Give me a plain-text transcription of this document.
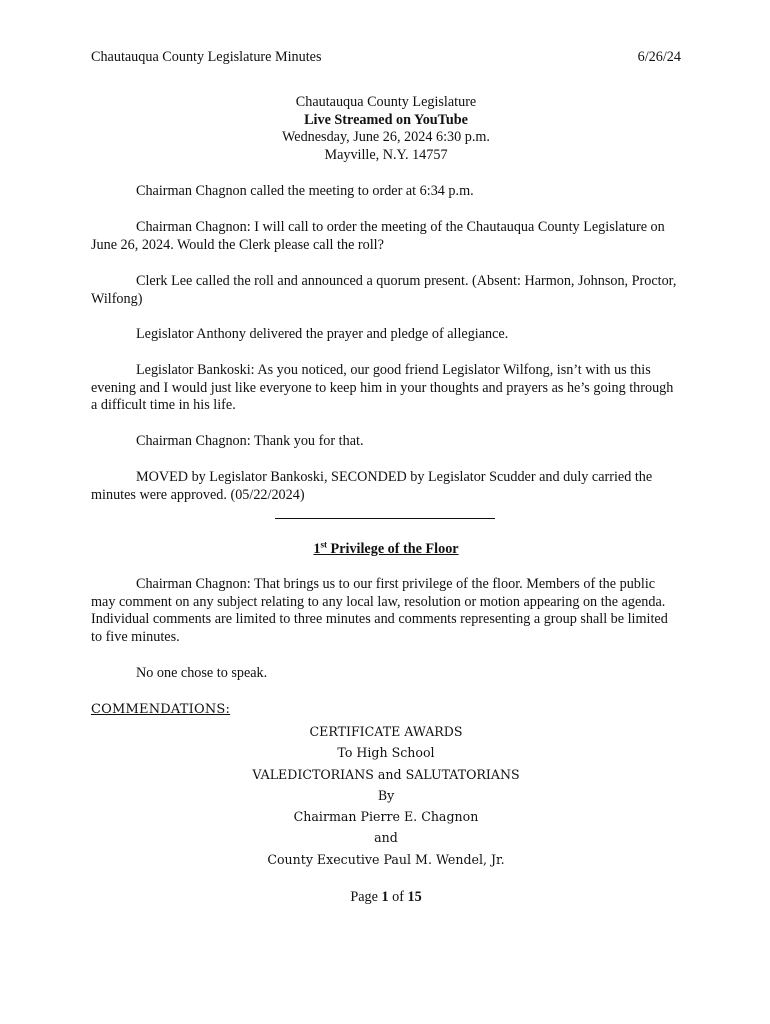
Chautauqua County Legislature Minutes	6/26/24
Chautauqua County Legislature
Live Streamed on YouTube
Wednesday, June 26, 2024 6:30 p.m.
Mayville, N.Y. 14757

Chairman Chagnon called the meeting to order at 6:34 p.m.

Chairman Chagnon: I will call to order the meeting of the Chautauqua County Legislature on June 26, 2024. Would the Clerk please call the roll?

Clerk Lee called the roll and announced a quorum present. (Absent: Harmon, Johnson, Proctor, Wilfong)

Legislator Anthony delivered the prayer and pledge of allegiance.

Legislator Bankoski: As you noticed, our good friend Legislator Wilfong, isn’t with us this evening and I would just like everyone to keep him in your thoughts and prayers as he’s going through a difficult time in his life.

Chairman Chagnon: Thank you for that.

MOVED by Legislator Bankoski, SECONDED by Legislator Scudder and duly carried the minutes were approved. (05/22/2024)

1st Privilege of the Floor

Chairman Chagnon: That brings us to our first privilege of the floor. Members of the public may comment on any subject relating to any local law, resolution or motion appearing on the agenda. Individual comments are limited to three minutes and comments representing a group shall be limited to five minutes.

No one chose to speak.

COMMENDATIONS:
CERTIFICATE AWARDS
To High School
VALEDICTORIANS and SALUTATORIANS
By
Chairman Pierre E. Chagnon
and
County Executive Paul M. Wendel, Jr.
Page 1 of 15
